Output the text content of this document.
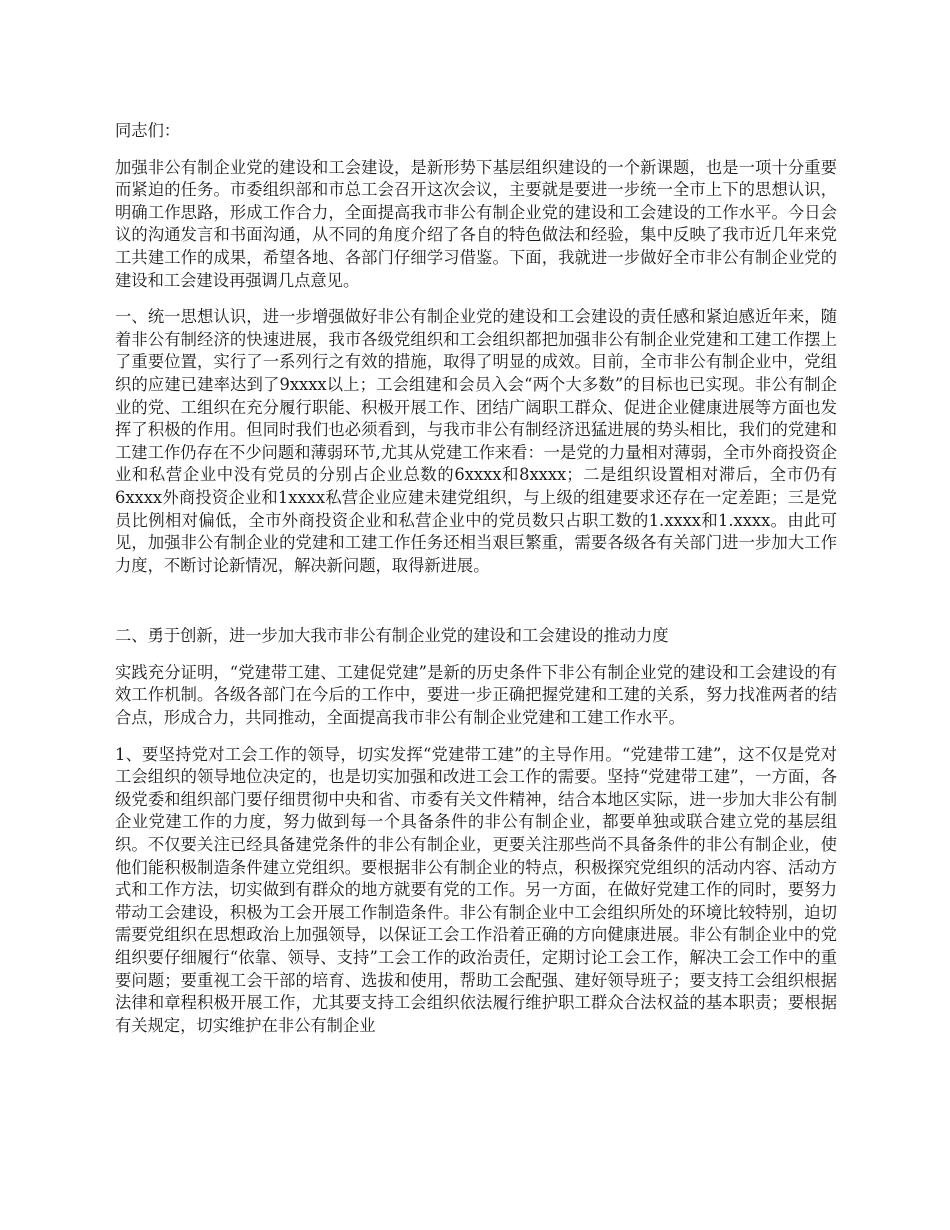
同志们：

加强非公有制企业党的建设和工会建设，是新形势下基层组织建设的一个新课题，也是一项十分重要而紧迫的任务。市委组织部和市总工会召开这次会议，主要就是要进一步统一全市上下的思想认识，明确工作思路，形成工作合力，全面提高我市非公有制企业党的建设和工会建设的工作水平。今日会议的沟通发言和书面沟通，从不同的角度介绍了各自的特色做法和经验，集中反映了我市近几年来党工共建工作的成果，希望各地、各部门仔细学习借鉴。下面，我就进一步做好全市非公有制企业党的建设和工会建设再强调几点意见。

一、统一思想认识，进一步增强做好非公有制企业党的建设和工会建设的责任感和紧迫感近年来，随着非公有制经济的快速进展，我市各级党组织和工会组织都把加强非公有制企业党建和工建工作摆上了重要位置，实行了一系列行之有效的措施，取得了明显的成效。目前，全市非公有制企业中，党组织的应建已建率达到了9xxxx以上；工会组建和会员入会“两个大多数”的目标也已实现。非公有制企业的党、工组织在充分履行职能、积极开展工作、团结广阔职工群众、促进企业健康进展等方面也发挥了积极的作用。但同时我们也必须看到，与我市非公有制经济迅猛进展的势头相比，我们的党建和工建工作仍存在不少问题和薄弱环节,尤其从党建工作来看：一是党的力量相对薄弱，全市外商投资企业和私营企业中没有党员的分别占企业总数的6xxxx和8xxxx；二是组织设置相对滞后，全市仍有6xxxx外商投资企业和1xxxx私营企业应建未建党组织，与上级的组建要求还存在一定差距；三是党员比例相对偏低，全市外商投资企业和私营企业中的党员数只占职工数的1.xxxx和1.xxxx。由此可见，加强非公有制企业的党建和工建工作任务还相当艰巨繁重，需要各级各有关部门进一步加大工作力度，不断讨论新情况，解决新问题，取得新进展。

二、勇于创新，进一步加大我市非公有制企业党的建设和工会建设的推动力度

实践充分证明，“党建带工建、工建促党建”是新的历史条件下非公有制企业党的建设和工会建设的有效工作机制。各级各部门在今后的工作中，要进一步正确把握党建和工建的关系，努力找准两者的结合点，形成合力，共同推动，全面提高我市非公有制企业党建和工建工作水平。

1、要坚持党对工会工作的领导，切实发挥“党建带工建”的主导作用。“党建带工建”，这不仅是党对工会组织的领导地位决定的，也是切实加强和改进工会工作的需要。坚持“党建带工建”，一方面，各级党委和组织部门要仔细贯彻中央和省、市委有关文件精神，结合本地区实际，进一步加大非公有制企业党建工作的力度，努力做到每一个具备条件的非公有制企业，都要单独或联合建立党的基层组织。不仅要关注已经具备建党条件的非公有制企业，更要关注那些尚不具备条件的非公有制企业，使他们能积极制造条件建立党组织。要根据非公有制企业的特点，积极探究党组织的活动内容、活动方式和工作方法，切实做到有群众的地方就要有党的工作。另一方面，在做好党建工作的同时，要努力带动工会建设，积极为工会开展工作制造条件。非公有制企业中工会组织所处的环境比较特别，迫切需要党组织在思想政治上加强领导，以保证工会工作沿着正确的方向健康进展。非公有制企业中的党组织要仔细履行“依靠、领导、支持”工会工作的政治责任，定期讨论工会工作，解决工会工作中的重要问题；要重视工会干部的培育、选拔和使用，帮助工会配强、建好领导班子；要支持工会组织根据法律和章程积极开展工作，尤其要支持工会组织依法履行维护职工群众合法权益的基本职责；要根据有关规定，切实维护在非公有制企业
